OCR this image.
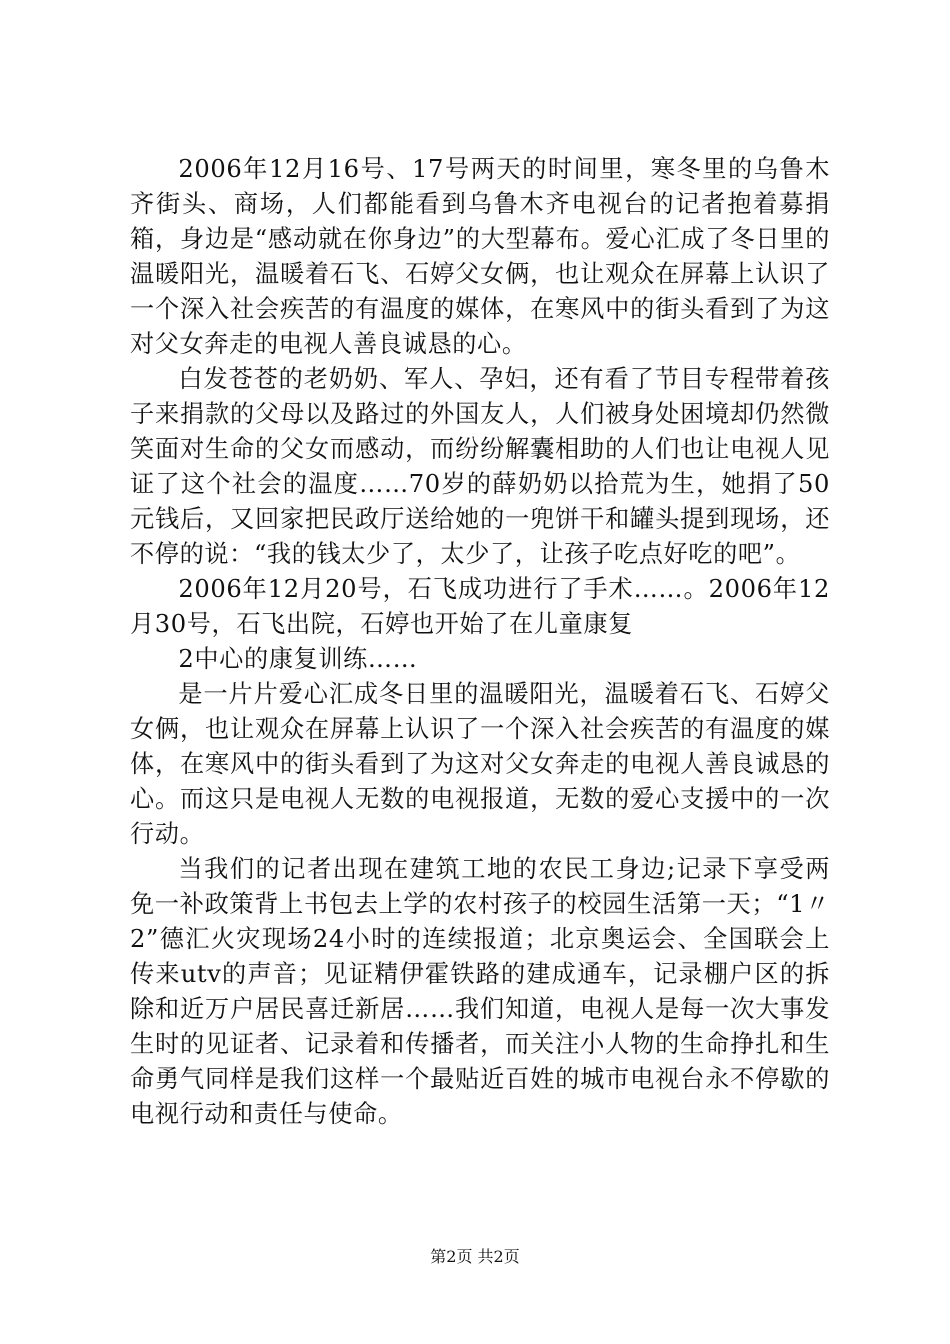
2006年12月16号、17号两天的时间里，寒冬里的乌鲁木齐街头、商场，人们都能看到乌鲁木齐电视台的记者抱着募捐箱，身边是“感动就在你身边”的大型幕布。爱心汇成了冬日里的温暖阳光，温暖着石飞、石婷父女俩，也让观众在屏幕上认识了一个深入社会疾苦的有温度的媒体，在寒风中的街头看到了为这对父女奔走的电视人善良诚恳的心。

白发苍苍的老奶奶、军人、孕妇，还有看了节目专程带着孩子来捐款的父母以及路过的外国友人，人们被身处困境却仍然微笑面对生命的父女而感动，而纷纷解囊相助的人们也让电视人见证了这个社会的温度……70岁的薛奶奶以拾荒为生，她捐了50元钱后，又回家把民政厅送给她的一兜饼干和罐头提到现场，还不停的说：“我的钱太少了，太少了，让孩子吃点好吃的吧”。

2006年12月20号，石飞成功进行了手术……。2006年12月30号，石飞出院，石婷也开始了在儿童康复

2中心的康复训练……

是一片片爱心汇成冬日里的温暖阳光，温暖着石飞、石婷父女俩，也让观众在屏幕上认识了一个深入社会疾苦的有温度的媒体，在寒风中的街头看到了为这对父女奔走的电视人善良诚恳的心。而这只是电视人无数的电视报道，无数的爱心支援中的一次行动。

当我们的记者出现在建筑工地的农民工身边;记录下享受两免一补政策背上书包去上学的农村孩子的校园生活第一天；“1〃2”德汇火灾现场24小时的连续报道；北京奥运会、全国联会上传来utv的声音；见证精伊霍铁路的建成通车，记录棚户区的拆除和近万户居民喜迁新居……我们知道，电视人是每一次大事发生时的见证者、记录着和传播者，而关注小人物的生命挣扎和生命勇气同样是我们这样一个最贴近百姓的城市电视台永不停歇的电视行动和责任与使命。

第2页 共2页
